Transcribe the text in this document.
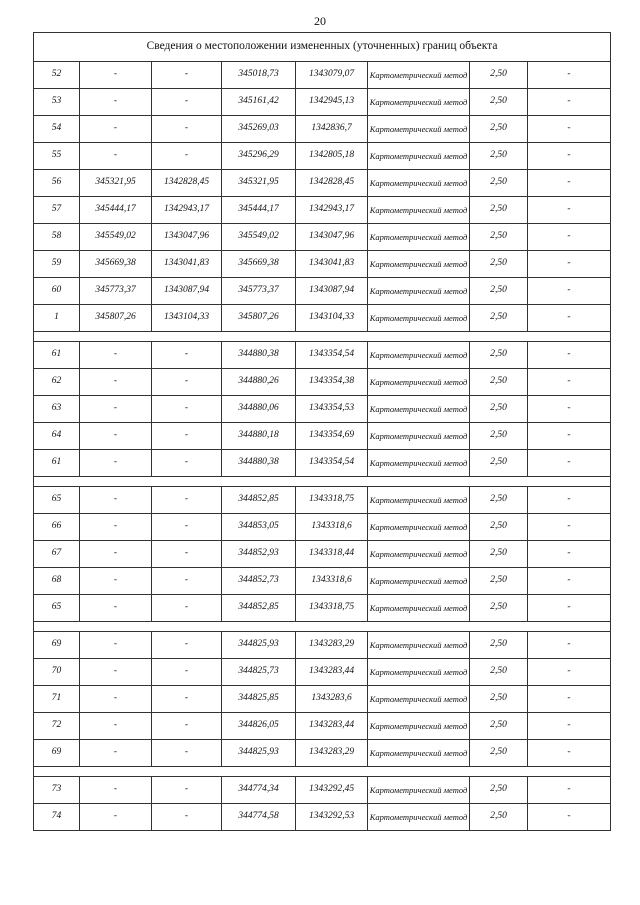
20
Сведения о местоположении измененных (уточненных) границ объекта							
52	-	-	345018,73	1343079,07	Картометрический метод	2,50	-
53	-	-	345161,42	1342945,13	Картометрический метод	2,50	-
54	-	-	345269,03	1342836,7	Картометрический метод	2,50	-
55	-	-	345296,29	1342805,18	Картометрический метод	2,50	-
56	345321,95	1342828,45	345321,95	1342828,45	Картометрический метод	2,50	-
57	345444,17	1342943,17	345444,17	1342943,17	Картометрический метод	2,50	-
58	345549,02	1343047,96	345549,02	1343047,96	Картометрический метод	2,50	-
59	345669,38	1343041,83	345669,38	1343041,83	Картометрический метод	2,50	-
60	345773,37	1343087,94	345773,37	1343087,94	Картометрический метод	2,50	-
1	345807,26	1343104,33	345807,26	1343104,33	Картометрический метод	2,50	-

61	-	-	344880,38	1343354,54	Картометрический метод	2,50	-
62	-	-	344880,26	1343354,38	Картометрический метод	2,50	-
63	-	-	344880,06	1343354,53	Картометрический метод	2,50	-
64	-	-	344880,18	1343354,69	Картометрический метод	2,50	-
61	-	-	344880,38	1343354,54	Картометрический метод	2,50	-

65	-	-	344852,85	1343318,75	Картометрический метод	2,50	-
66	-	-	344853,05	1343318,6	Картометрический метод	2,50	-
67	-	-	344852,93	1343318,44	Картометрический метод	2,50	-
68	-	-	344852,73	1343318,6	Картометрический метод	2,50	-
65	-	-	344852,85	1343318,75	Картометрический метод	2,50	-

69	-	-	344825,93	1343283,29	Картометрический метод	2,50	-
70	-	-	344825,73	1343283,44	Картометрический метод	2,50	-
71	-	-	344825,85	1343283,6	Картометрический метод	2,50	-
72	-	-	344826,05	1343283,44	Картометрический метод	2,50	-
69	-	-	344825,93	1343283,29	Картометрический метод	2,50	-

73	-	-	344774,34	1343292,45	Картометрический метод	2,50	-
74	-	-	344774,58	1343292,53	Картометрический метод	2,50	-
